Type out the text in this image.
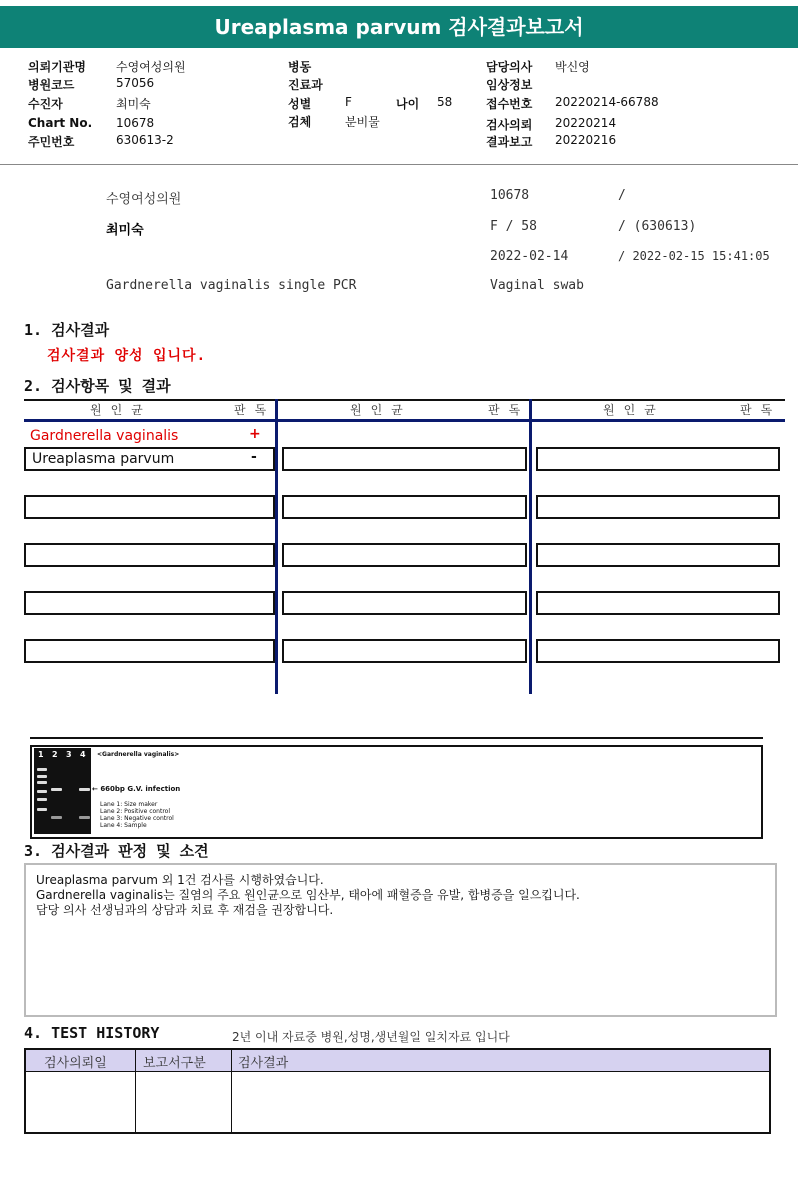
Ureaplasma parvum 검사결과보고서
의뢰기관명	수영여성의원
병원코드	57056
수진자	최미숙
Chart No. 10678
주민번호	630613-2
병동
진료과
성별	F	나이 58
검체	분비물
담당의사 박신영
임상정보
접수번호 20220214-66788
검사의뢰 20220214
결과보고 20220216
수영여성의원	10678	/
최미숙	F / 58	/ (630613)
2022-02-14	/ 2022-02-15 15:41:05
Gardnerella vaginalis single PCR	Vaginal swab
1. 검사결과
검사결과 양성 입니다.
2. 검사항목 및 결과
원인균	판독	원인균	판독	원인균	판독
Gardnerella vaginalis	+
Ureaplasma parvum	-
1 2 3 4 <Gardnerella vaginalis>
← 660bp G.V. infection
Lane 1: Size maker
Lane 2: Positive control
Lane 3: Negative control
Lane 4: Sample
3. 검사결과 판정 및 소견
Ureaplasma parvum 외 1건 검사를 시행하였습니다.
Gardnerella vaginalis는 질염의 주요 원인균으로 임산부, 태아에 패혈증을 유발, 합병증을 일으킵니다.
담당 의사 선생님과의 상담과 치료 후 재검을 권장합니다.
4. TEST HISTORY	2년 이내 자료중 병원,성명,생년월일 일치자료 입니다
검사의뢰일	보고서구분 검사결과
